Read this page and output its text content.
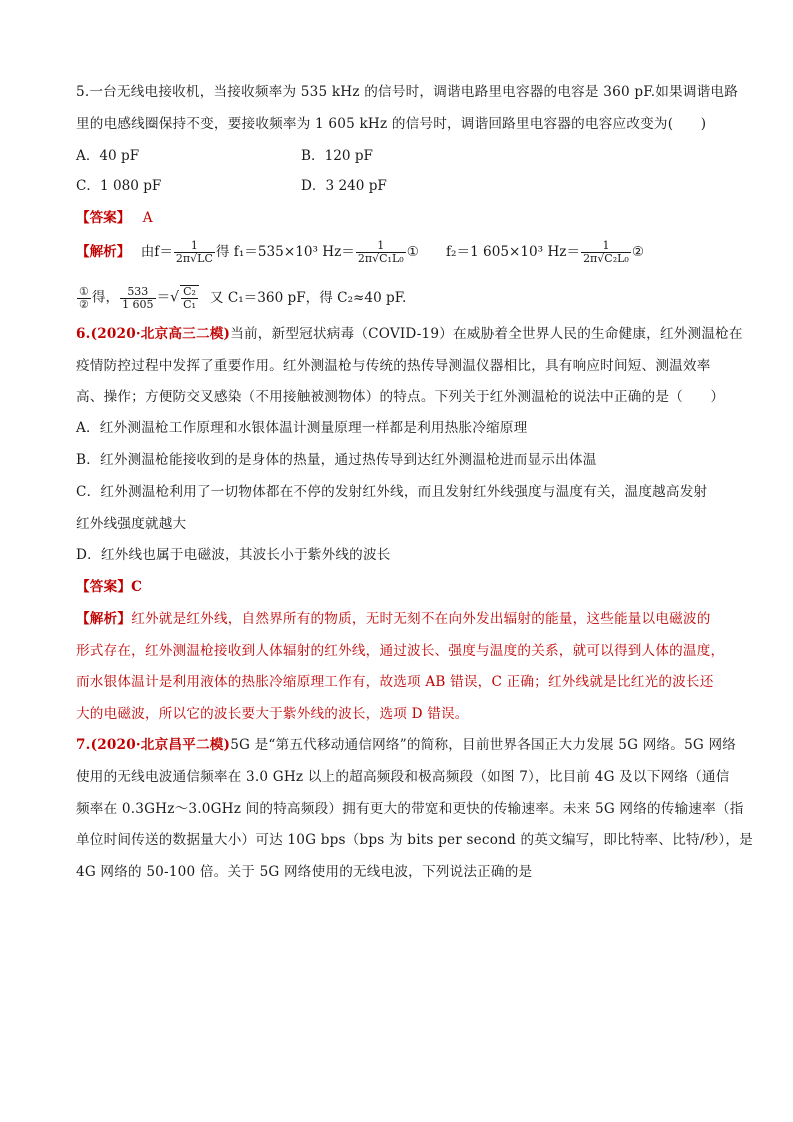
5.一台无线电接收机，当接收频率为 535 kHz 的信号时，调谐电路里电容器的电容是 360 pF.如果调谐电路
里的电感线圈保持不变，要接收频率为 1 605 kHz 的信号时，调谐回路里电容器的电容应改变为(　　)
A．40 pF	B．120 pF
C．1 080 pF	D．3 240 pF
【答案】 A
【解析】 由$f= \frac{1}{2\pi√LC}$ 得 f₁＝535×10³ $Hz= \frac{1}{\text{2π√C₁L₀}}$ ① f₂＝1 605×10³ $Hz= \frac{1}{\text{2π√C₂L₀}}$ ②
$\frac{\text{①}}{\text{②}}$ 得， $\frac{533}{1 605}$ ＝√ $\frac{\text{C₂}}{\text{C₁}}$ 又 C₁＝360 pF，得 C₂≈40 pF.
6.(2020·北京高三二模)当前，新型冠状病毒（COVID-19）在威胁着全世界人民的生命健康，红外测温枪在
疫情防控过程中发挥了重要作用。红外测温枪与传统的热传导测温仪器相比，具有响应时间短、测温效率
高、操作；方便防交叉感染（不用接触被测物体）的特点。下列关于红外测温枪的说法中正确的是（　　）
A．红外测温枪工作原理和水银体温计测量原理一样都是利用热胀冷缩原理
B．红外测温枪能接收到的是身体的热量，通过热传导到达红外测温枪进而显示出体温
C．红外测温枪利用了一切物体都在不停的发射红外线，而且发射红外线强度与温度有关，温度越高发射
红外线强度就越大
D．红外线也属于电磁波，其波长小于紫外线的波长
【答案】C
【解析】红外就是红外线，自然界所有的物质，无时无刻不在向外发出辐射的能量，这些能量以电磁波的
形式存在，红外测温枪接收到人体辐射的红外线，通过波长、强度与温度的关系，就可以得到人体的温度，
而水银体温计是利用液体的热胀冷缩原理工作有，故选项 AB 错误，C 正确；红外线就是比红光的波长还
大的电磁波，所以它的波长要大于紫外线的波长，选项 D 错误。
7.(2020·北京昌平二模)5G 是“第五代移动通信网络”的简称，目前世界各国正大力发展 5G 网络。5G 网络
使用的无线电波通信频率在 3.0 GHz 以上的超高频段和极高频段（如图 7），比目前 4G 及以下网络（通信
频率在 0.3GHz～3.0GHz 间的特高频段）拥有更大的带宽和更快的传输速率。未来 5G 网络的传输速率（指
单位时间传送的数据量大小）可达 10G bps（bps 为 bits per second 的英文编写，即比特率、比特/秒），是
4G 网络的 50-100 倍。关于 5G 网络使用的无线电波，下列说法正确的是
